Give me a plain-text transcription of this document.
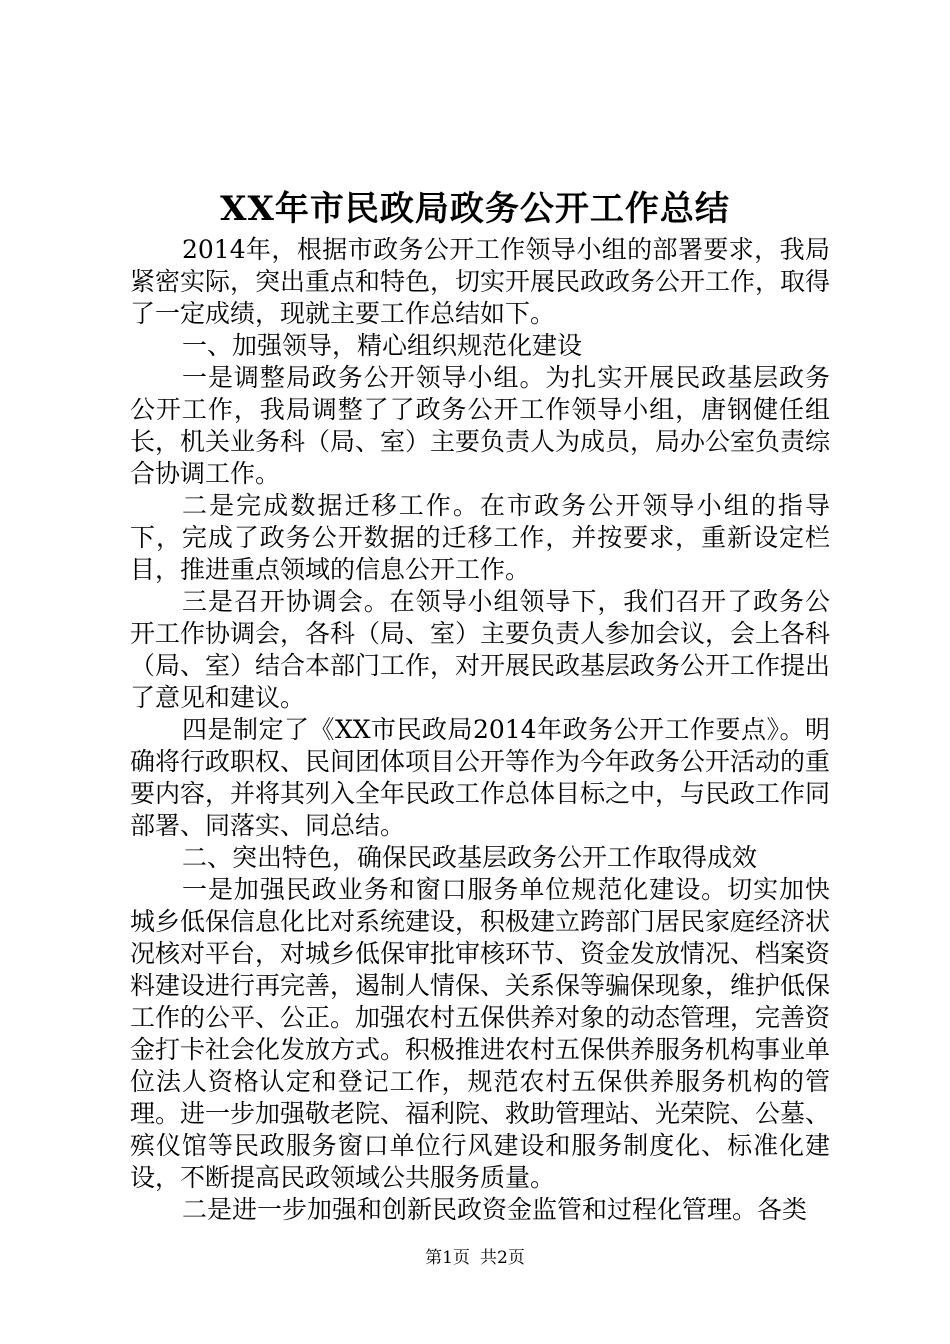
XX年市民政局政务公开工作总结

2014年，根据市政务公开工作领导小组的部署要求，我局紧密实际，突出重点和特色，切实开展民政政务公开工作，取得了一定成绩，现就主要工作总结如下。

一、加强领导，精心组织规范化建设

一是调整局政务公开领导小组。为扎实开展民政基层政务公开工作，我局调整了了政务公开工作领导小组，唐钢健任组长，机关业务科（局、室）主要负责人为成员，局办公室负责综合协调工作。

二是完成数据迁移工作。在市政务公开领导小组的指导下，完成了政务公开数据的迁移工作，并按要求，重新设定栏目，推进重点领域的信息公开工作。

三是召开协调会。在领导小组领导下，我们召开了政务公开工作协调会，各科（局、室）主要负责人参加会议，会上各科（局、室）结合本部门工作，对开展民政基层政务公开工作提出了意见和建议。

四是制定了《XX市民政局2014年政务公开工作要点》。明确将行政职权、民间团体项目公开等作为今年政务公开活动的重要内容，并将其列入全年民政工作总体目标之中，与民政工作同部署、同落实、同总结。

二、突出特色，确保民政基层政务公开工作取得成效

一是加强民政业务和窗口服务单位规范化建设。切实加快城乡低保信息化比对系统建设，积极建立跨部门居民家庭经济状况核对平台，对城乡低保审批审核环节、资金发放情况、档案资料建设进行再完善，遏制人情保、关系保等骗保现象，维护低保工作的公平、公正。加强农村五保供养对象的动态管理，完善资金打卡社会化发放方式。积极推进农村五保供养服务机构事业单位法人资格认定和登记工作，规范农村五保供养服务机构的管理。进一步加强敬老院、福利院、救助管理站、光荣院、公墓、殡仪馆等民政服务窗口单位行风建设和服务制度化、标准化建设，不断提高民政领域公共服务质量。

二是进一步加强和创新民政资金监管和过程化管理。各类

第1页 共2页
